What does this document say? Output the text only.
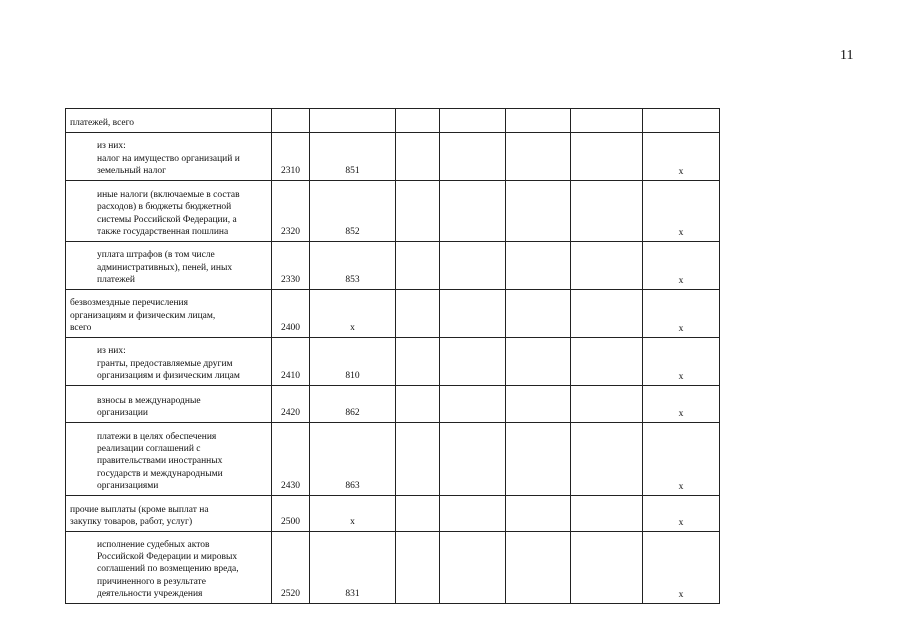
11
платежей, всего							
из них:
налог на имущество организаций и
земельный налог	2310	851					x
иные налоги (включаемые в состав
расходов) в бюджеты бюджетной
системы Российской Федерации, а
также государственная пошлина	2320	852					x
уплата штрафов (в том числе
административных), пеней, иных
платежей	2330	853					x
безвозмездные перечисления
организациям и физическим лицам,
всего	2400	x					x
из них:
гранты, предоставляемые другим
организациям и физическим лицам	2410	810					x
взносы в международные
организации	2420	862					x
платежи в целях обеспечения
реализации соглашений с
правительствами иностранных
государств и международными
организациями	2430	863					x
прочие выплаты (кроме выплат на
закупку товаров, работ, услуг)	2500	x					x
исполнение судебных актов
Российской Федерации и мировых
соглашений по возмещению вреда,
причиненного в результате
деятельности учреждения	2520	831					x
